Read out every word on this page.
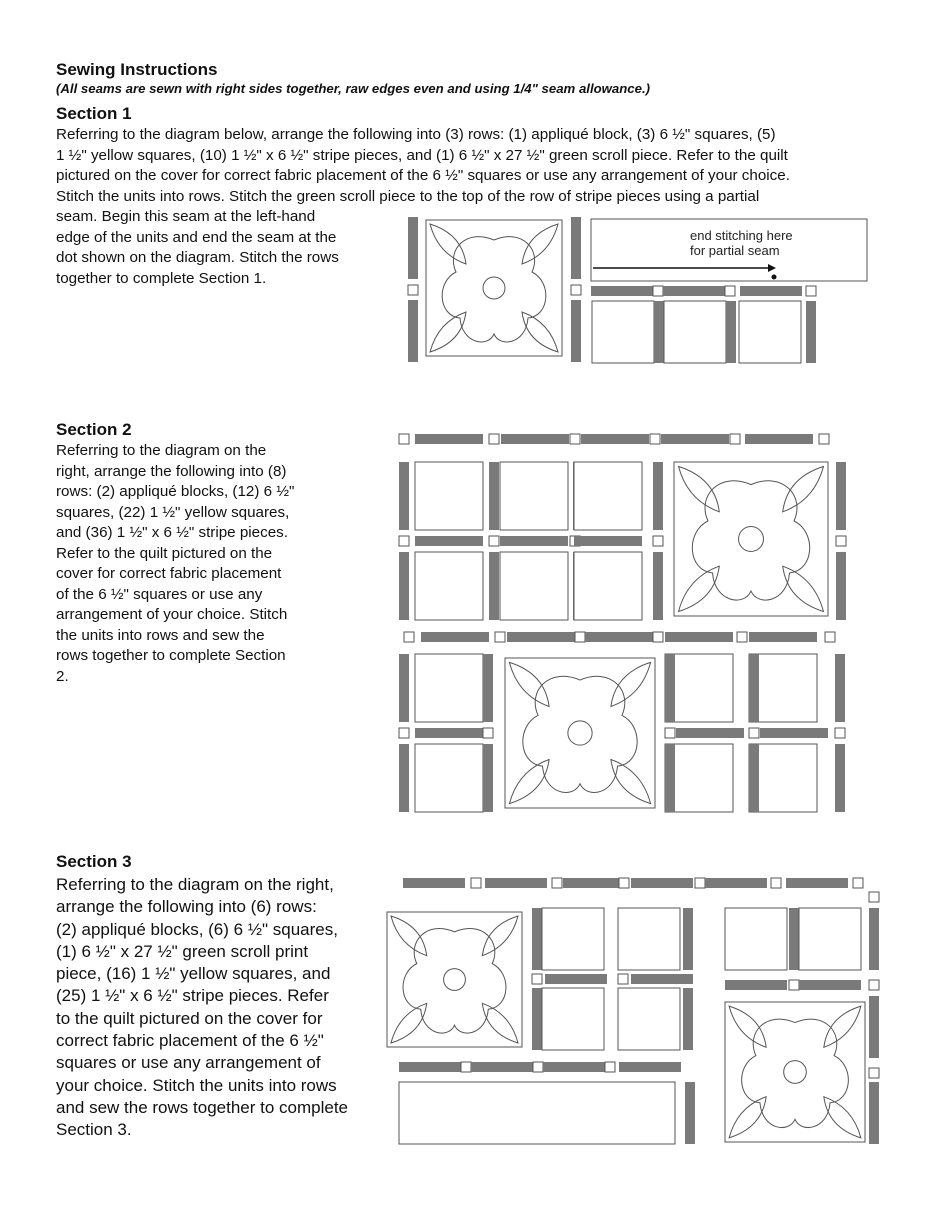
Sewing Instructions
(All seams are sewn with right sides together, raw edges even and using 1/4" seam allowance.)
Section 1
Referring to the diagram below, arrange the following into (3) rows: (1) appliqué block, (3) 6 ½" squares, (5)
1 ½" yellow squares, (10) 1 ½" x 6 ½" stripe pieces, and (1) 6 ½" x 27 ½" green scroll piece. Refer to the quilt
pictured on the cover for correct fabric placement of the 6 ½" squares or use any arrangement of your choice.
Stitch the units into rows. Stitch the green scroll piece to the top of the row of stripe pieces using a partial
seam. Begin this seam at the left-hand
edge of the units and end the seam at the
dot shown on the diagram. Stitch the rows
together to complete Section 1.
end stitching here
for partial seam
Section 2
Referring to the diagram on the
right, arrange the following into (8)
rows: (2) appliqué blocks, (12) 6 ½"
squares, (22) 1 ½" yellow squares,
and (36) 1 ½" x 6 ½" stripe pieces.
Refer to the quilt pictured on the
cover for correct fabric placement
of the 6 ½" squares or use any
arrangement of your choice. Stitch
the units into rows and sew the
rows together to complete Section
2.
Section 3
Referring to the diagram on the right,
arrange the following into (6) rows:
(2) appliqué blocks, (6) 6 ½" squares,
(1) 6 ½" x 27 ½" green scroll print
piece, (16) 1 ½" yellow squares, and
(25) 1 ½" x 6 ½" stripe pieces. Refer
to the quilt pictured on the cover for
correct fabric placement of the 6 ½"
squares or use any arrangement of
your choice. Stitch the units into rows
and sew the rows together to complete
Section 3.
